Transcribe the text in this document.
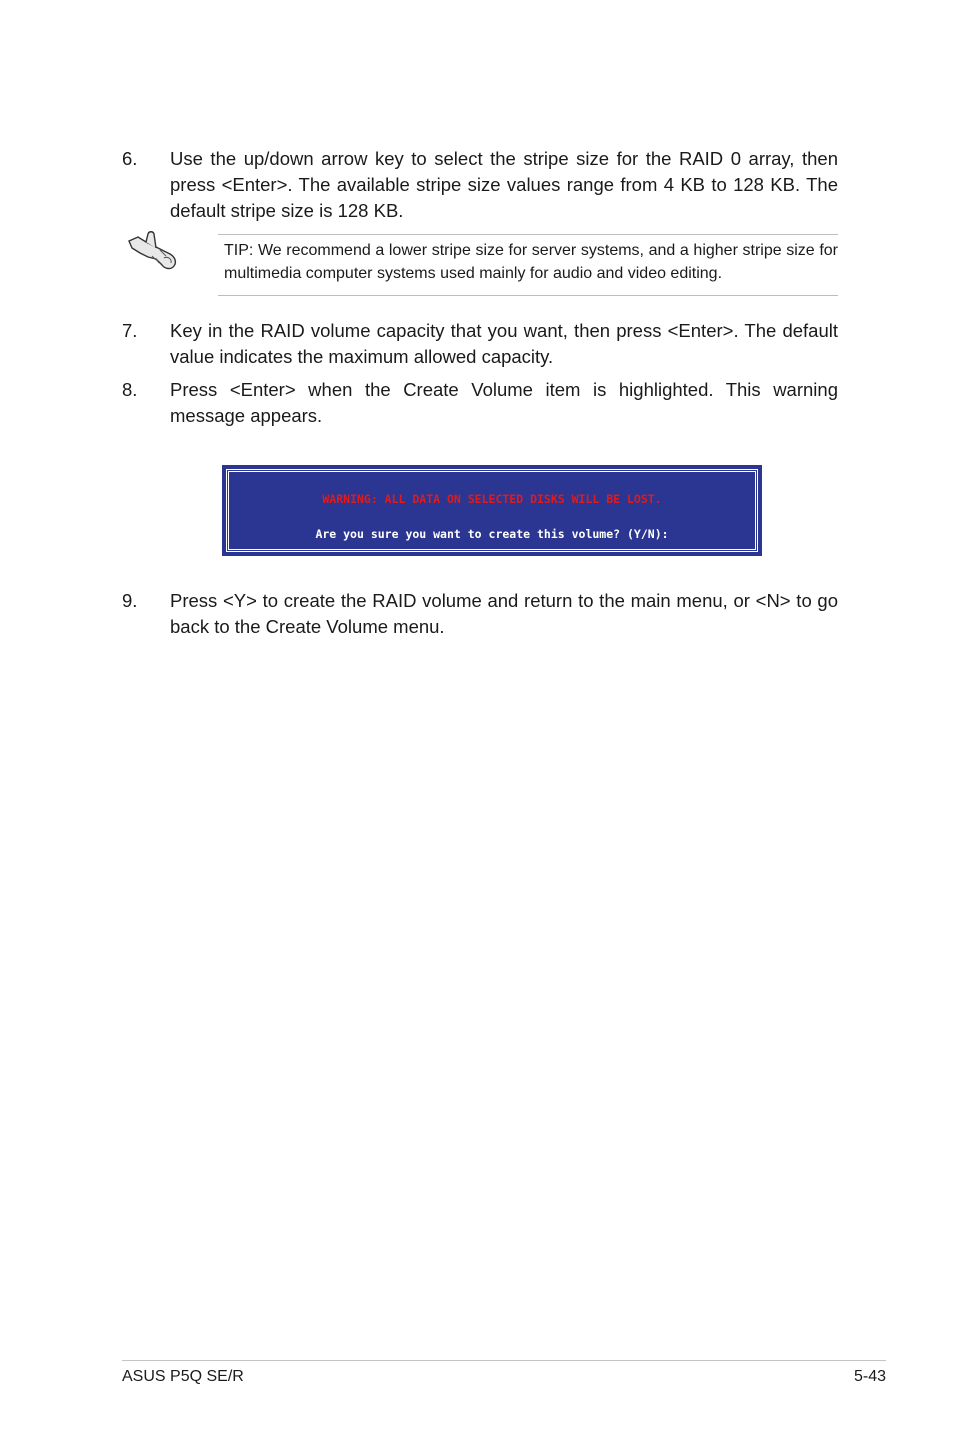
6. Use the up/down arrow key to select the stripe size for the RAID 0 array, then press <Enter>. The available stripe size values range from 4 KB to 128 KB. The default stripe size is 128 KB.
TIP: We recommend a lower stripe size for server systems, and a higher stripe size for multimedia computer systems used mainly for audio and video editing.
7. Key in the RAID volume capacity that you want, then press <Enter>. The default value indicates the maximum allowed capacity.
8. Press <Enter> when the Create Volume item is highlighted. This warning message appears.
WARNING: ALL DATA ON SELECTED DISKS WILL BE LOST.
Are you sure you want to create this volume? (Y/N):
9. Press <Y> to create the RAID volume and return to the main menu, or <N> to go back to the Create Volume menu.
ASUS P5Q SE/R	5-43
